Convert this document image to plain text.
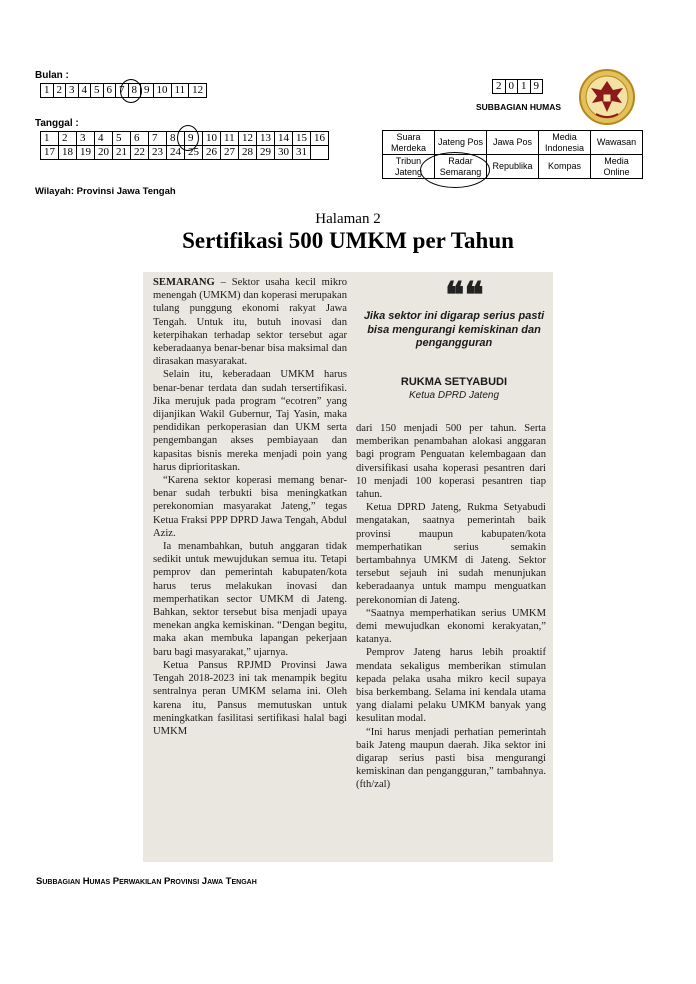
Bulan :
1	2	3	4	5	6	7	8	9	10	11	12
Tanggal :
1	2	3	4	5	6	7	8	9	10	11	12	13	14	15	16
17	18	19	20	21	22	23	24	25	26	27	28	29	30	31	
Wilayah: Provinsi Jawa Tengah
2	0	1	9
SUBBAGIAN HUMAS
Suara Merdeka	Jateng Pos	Jawa Pos	Media Indonesia	Wawasan
Tribun Jateng	Radar Semarang	Republika	Kompas	Media Online
Halaman 2
Sertifikasi 500 UMKM per Tahun
❝❝
Jika sektor ini digarap serius pasti bisa mengurangi kemiskinan dan pengangguran
RUKMA SETYABUDI
Ketua DPRD Jateng

SEMARANG – Sektor usaha kecil mikro menengah (UMKM) dan koperasi merupakan tulang punggung ekonomi rakyat Jawa Tengah. Untuk itu, butuh inovasi dan keterpihakan terhadap sektor tersebut agar keberadaanya benar-benar bisa maksimal dan dirasakan masyarakat.

Selain itu, keberadaan UMKM harus benar-benar terdata dan sudah tersertifikasi. Jika merujuk pada program “ecotren” yang dijanjikan Wakil Gubernur, Taj Yasin, maka pendidikan perkoperasian dan UKM serta pengembangan akses pembiayaan dan kapasitas bisnis mereka menjadi poin yang harus diprioritaskan.

“Karena sektor koperasi memang benar-benar sudah terbukti bisa meningkatkan perekonomian masyarakat Jateng,” tegas Ketua Fraksi PPP DPRD Jawa Tengah, Abdul Aziz.

Ia menambahkan, butuh anggaran tidak sedikit untuk mewujdukan semua itu. Tetapi pemprov dan pemerintah kabupaten/kota harus terus melakukan inovasi dan memperhatikan sector UMKM di Jateng. Bahkan, sektor tersebut bisa menjadi upaya menekan angka kemiskinan. “Dengan begitu, maka akan membuka lapangan pekerjaan baru bagi masyarakat,” ujarnya.

Ketua Pansus RPJMD Provinsi Jawa Tengah 2018-2023 ini tak menampik begitu sentralnya peran UMKM selama ini. Oleh karena itu, Pansus memutuskan untuk meningkatkan fasilitasi sertifikasi halal bagi UMKM

dari 150 menjadi 500 per tahun. Serta memberikan penambahan alokasi anggaran bagi program Penguatan kelembagaan dan diversifikasi usaha koperasi pesantren dari 10 menjadi 100 koperasi pesantren tiap tahun.

Ketua DPRD Jateng, Rukma Setyabudi mengatakan, saatnya pemerintah baik provinsi maupun kabupaten/kota memperhatikan serius semakin bertambahnya UMKM di Jateng. Sektor tersebut sejauh ini sudah menunjukan keberadaanya untuk mampu menguatkan perekonomian di Jateng.

“Saatnya memperhatikan serius UMKM demi mewujudkan ekonomi kerakyatan,” katanya.

Pemprov Jateng harus lebih proaktif mendata sekaligus memberikan stimulan kepada pelaka usaha mikro kecil supaya bisa berkembang. Selama ini kendala utama yang dialami pelaku UMKM banyak yang kesulitan modal.

“Ini harus menjadi perhatian pemerintah baik Jateng maupun daerah. Jika sektor ini digarap serius pasti bisa mengurangi kemiskinan dan pengangguran,” tambahnya. (fth/zal)

Subbagian Humas Perwakilan Provinsi Jawa Tengah
